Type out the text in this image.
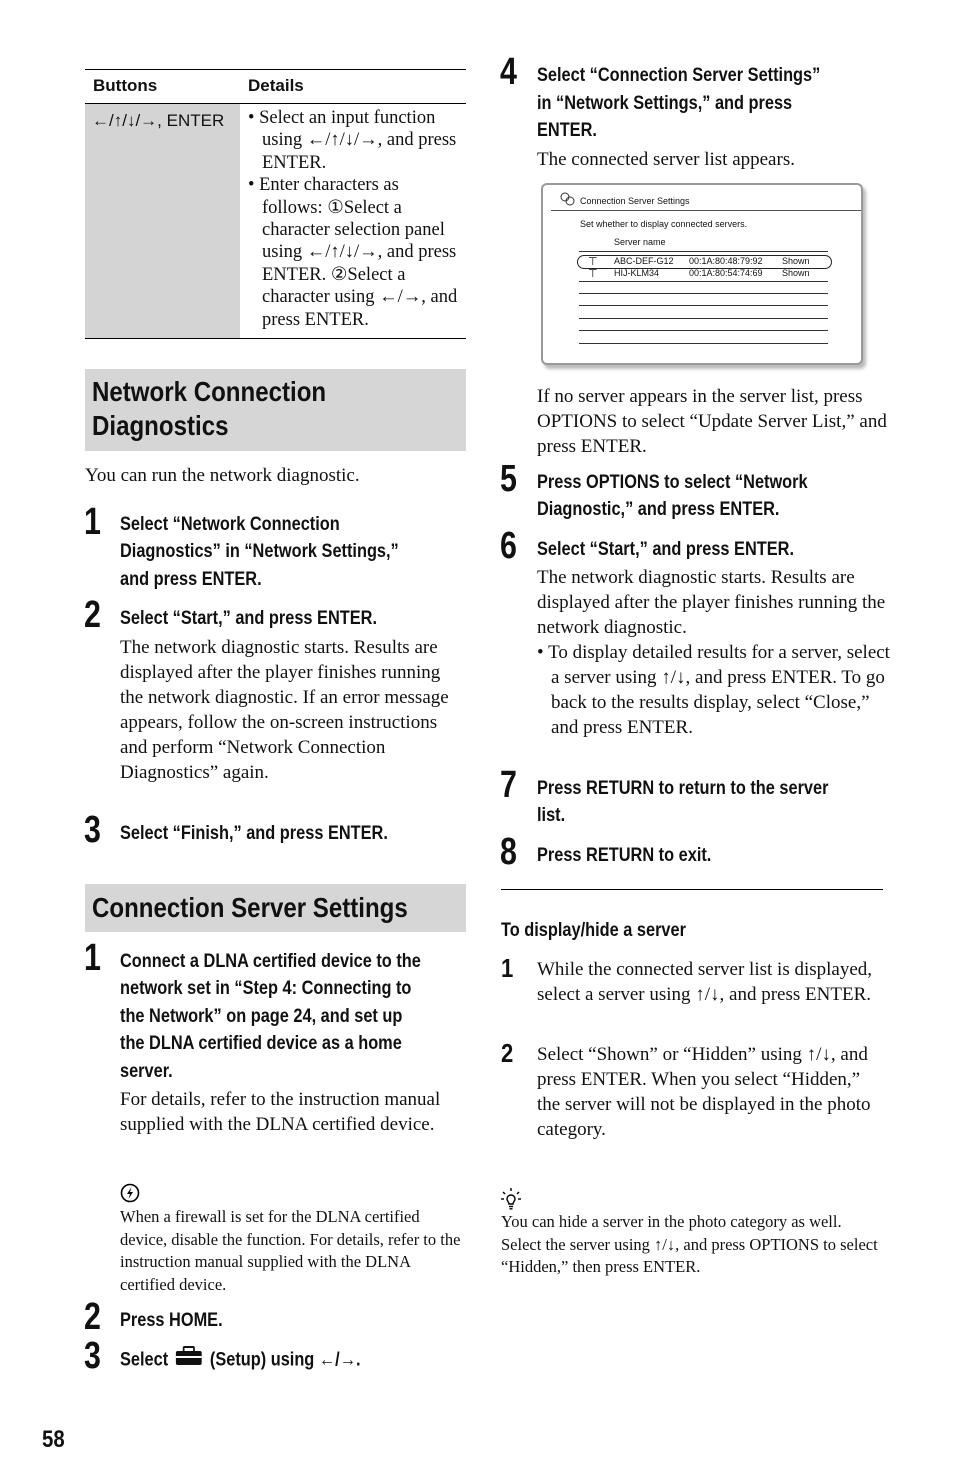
Buttons	Details
←/↑/↓/→, ENTER	• Select an input function using ←/↑/↓/→, and press ENTER.
• Enter characters as follows: ①Select a character selection panel using ←/↑/↓/→, and press ENTER. ②Select a character using ←/→, and press ENTER.
Network Connection
Diagnostics
You can run the network diagnostic.
1 Select “Network Connection
Diagnostics” in “Network Settings,”
and press ENTER.
2 Select “Start,” and press ENTER.
The network diagnostic starts. Results are displayed after the player finishes running the network diagnostic. If an error message appears, follow the on-screen instructions and perform “Network Connection Diagnostics” again.
3 Select “Finish,” and press ENTER.
Connection Server Settings
1 Connect a DLNA certified device to the
network set in “Step 4: Connecting to
the Network” on page 24, and set up
the DLNA certified device as a home
server.
For details, refer to the instruction manual supplied with the DLNA certified device.
When a firewall is set for the DLNA certified device, disable the function. For details, refer to the instruction manual supplied with the DLNA certified device.
2 Press HOME.
3 Select (Setup) using ←/→.
58
4 Select “Connection Server Settings”
in “Network Settings,” and press
ENTER.
The connected server list appears.
Connection Server Settings
Set whether to display connected servers.
Server name
⊤ ABC-DEF-G12 00:1A:80:48:79:92 Shown
⊤ HIJ-KLM34	00:1A:80:54:74:69 Shown
If no server appears in the server list, press OPTIONS to select “Update Server List,” and press ENTER.
5 Press OPTIONS to select “Network
Diagnostic,” and press ENTER.
6 Select “Start,” and press ENTER.
The network diagnostic starts. Results are displayed after the player finishes running the network diagnostic.
• To display detailed results for a server, select a server using ↑/↓, and press ENTER. To go back to the results display, select “Close,” and press ENTER.
7 Press RETURN to return to the server
list.
8 Press RETURN to exit.
To display/hide a server
1 While the connected server list is displayed, select a server using ↑/↓, and press ENTER.
2 Select “Shown” or “Hidden” using ↑/↓, and press ENTER. When you select “Hidden,” the server will not be displayed in the photo category.
You can hide a server in the photo category as well. Select the server using ↑/↓, and press OPTIONS to select “Hidden,” then press ENTER.
